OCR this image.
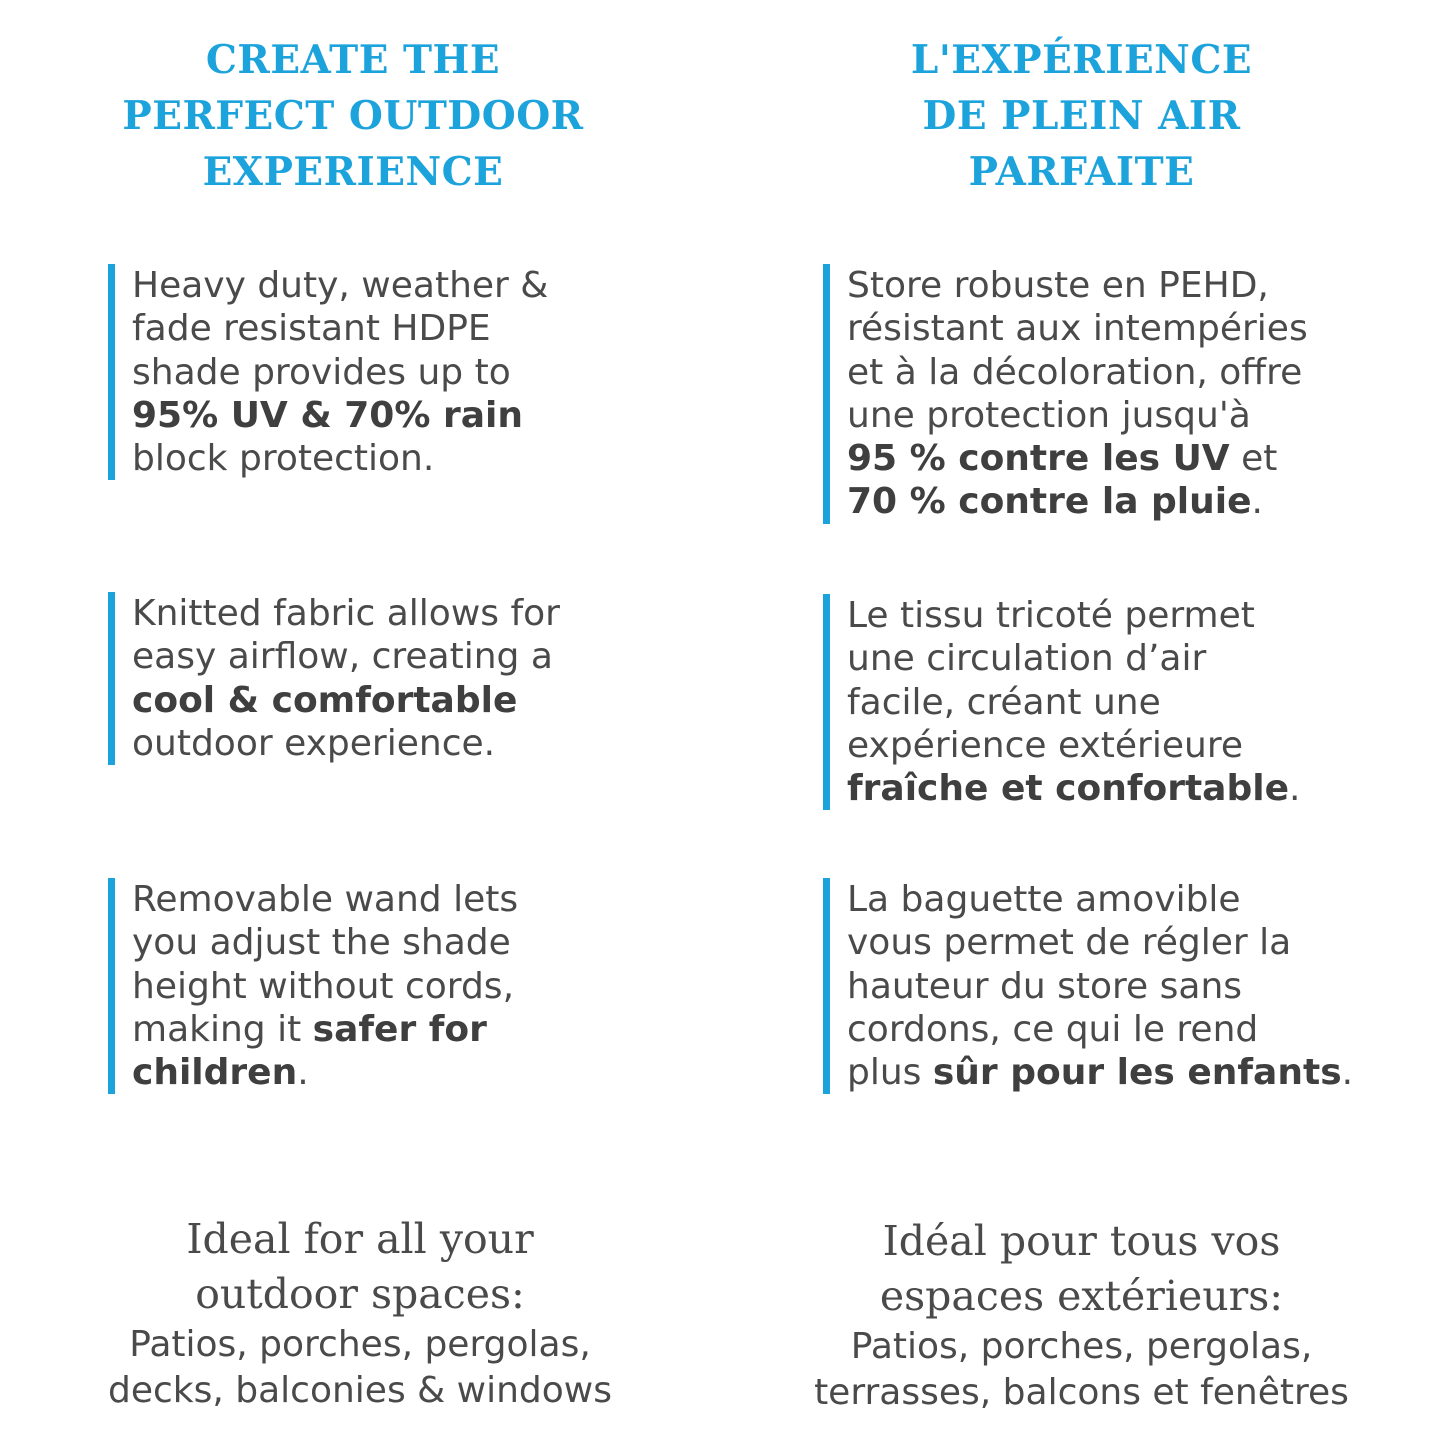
CREATE THE
PERFECT OUTDOOR
EXPERIENCE
Heavy duty, weather &
fade resistant HDPE
shade provides up to
95% UV & 70% rain
block protection.
Knitted fabric allows for
easy airflow, creating a
cool & comfortable
outdoor experience.
Removable wand lets
you adjust the shade
height without cords,
making it safer for
children.
Ideal for all your
outdoor spaces:
Patios, porches, pergolas,
decks, balconies & windows
L'EXPÉRIENCE
DE PLEIN AIR
PARFAITE
Store robuste en PEHD,
résistant aux intempéries
et à la décoloration, offre
une protection jusqu'à
95 % contre les UV et
70 % contre la pluie.
Le tissu tricoté permet
une circulation d’air
facile, créant une
expérience extérieure
fraîche et confortable.
La baguette amovible
vous permet de régler la
hauteur du store sans
cordons, ce qui le rend
plus sûr pour les enfants.
Idéal pour tous vos
espaces extérieurs:
Patios, porches, pergolas,
terrasses, balcons et fenêtres
